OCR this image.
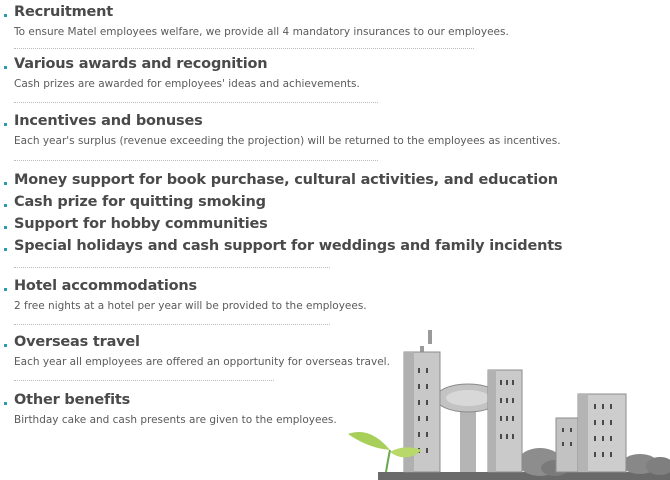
Recruitment
To ensure Matel employees welfare, we provide all 4 mandatory insurances to our employees.
Various awards and recognition
Cash prizes are awarded for employees' ideas and achievements.
Incentives and bonuses
Each year's surplus (revenue exceeding the projection) will be returned to the employees as incentives.
Money support for book purchase, cultural activities, and education
Cash prize for quitting smoking
Support for hobby communities
Special holidays and cash support for weddings and family incidents
Hotel accommodations
2 free nights at a hotel per year will be provided to the employees.
Overseas travel
Each year all employees are offered an opportunity for overseas travel.
Other benefits
Birthday cake and cash presents are given to the employees.
